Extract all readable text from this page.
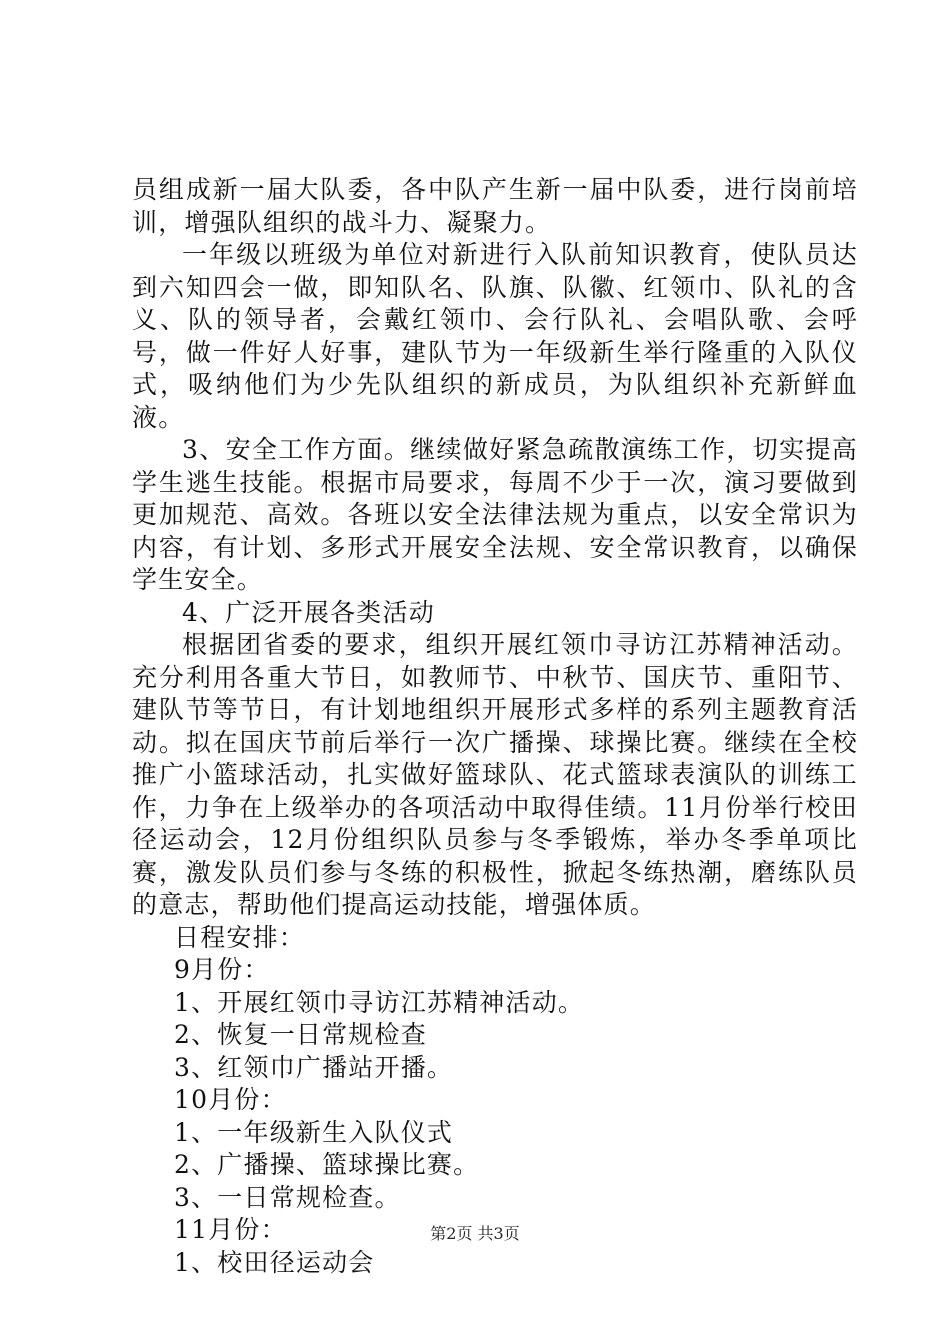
员组成新一届大队委，各中队产生新一届中队委，进行岗前培训，增强队组织的战斗力、凝聚力。

一年级以班级为单位对新进行入队前知识教育，使队员达到六知四会一做，即知队名、队旗、队徽、红领巾、队礼的含义、队的领导者，会戴红领巾、会行队礼、会唱队歌、会呼号，做一件好人好事，建队节为一年级新生举行隆重的入队仪式，吸纳他们为少先队组织的新成员，为队组织补充新鲜血液。

3、安全工作方面。继续做好紧急疏散演练工作，切实提高学生逃生技能。根据市局要求，每周不少于一次，演习要做到更加规范、高效。各班以安全法律法规为重点，以安全常识为内容，有计划、多形式开展安全法规、安全常识教育，以确保学生安全。

4、广泛开展各类活动

根据团省委的要求，组织开展红领巾寻访江苏精神活动。充分利用各重大节日，如教师节、中秋节、国庆节、重阳节、建队节等节日，有计划地组织开展形式多样的系列主题教育活动。拟在国庆节前后举行一次广播操、球操比赛。继续在全校推广小篮球活动，扎实做好篮球队、花式篮球表演队的训练工作，力争在上级举办的各项活动中取得佳绩。11月份举行校田径运动会，12月份组织队员参与冬季锻炼，举办冬季单项比赛，激发队员们参与冬练的积极性，掀起冬练热潮，磨练队员的意志，帮助他们提高运动技能，增强体质。

日程安排：

9月份：

1、开展红领巾寻访江苏精神活动。

2、恢复一日常规检查

3、红领巾广播站开播。

10月份：

1、一年级新生入队仪式

2、广播操、篮球操比赛。

3、一日常规检查。

11月份：

1、校田径运动会

第2页 共3页
